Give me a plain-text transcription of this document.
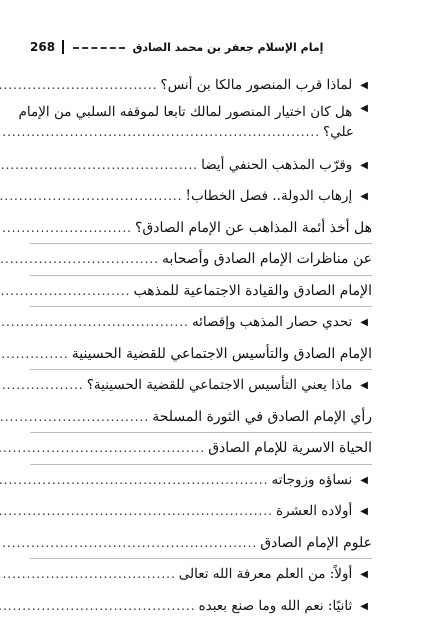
268	إمام الإسلام جعفر بن محمد الصادق
◀
لماذا قرب المنصور مالكا بن أنس؟
.....
◀
هل كان اختيار المنصور لمالك تابعا لموقفه السلبي من الإمام
علي؟
.....
◀
وقرّب المذهب الحنفي أيضا
.....
◀
إرهاب الدولة.. فصل الخطاب!
.....
هل أخذ أئمة المذاهب عن الإمام الصادق؟
.....
عن مناظرات الإمام الصادق وأصحابه
.....
الإمام الصادق والقيادة الاجتماعية للمذهب
.....
◀
تحدي حصار المذهب وإقصائه
.....
الإمام الصادق والتأسيس الاجتماعي للقضية الحسينية
.....
◀
ماذا يعني التأسيس الاجتماعي للقضية الحسينية؟
.....
رأي الإمام الصادق في الثورة المسلحة
.....
الحياة الاسرية للإمام الصادق
.....
◀
نساؤه وزوجاته
.....
◀
أولاده العشرة
.....
علوم الإمام الصادق
.....
◀
أولاً: من العلم معرفة الله تعالى
.....
◀
ثانيًا: نعم الله وما صنع بعبده
.....
